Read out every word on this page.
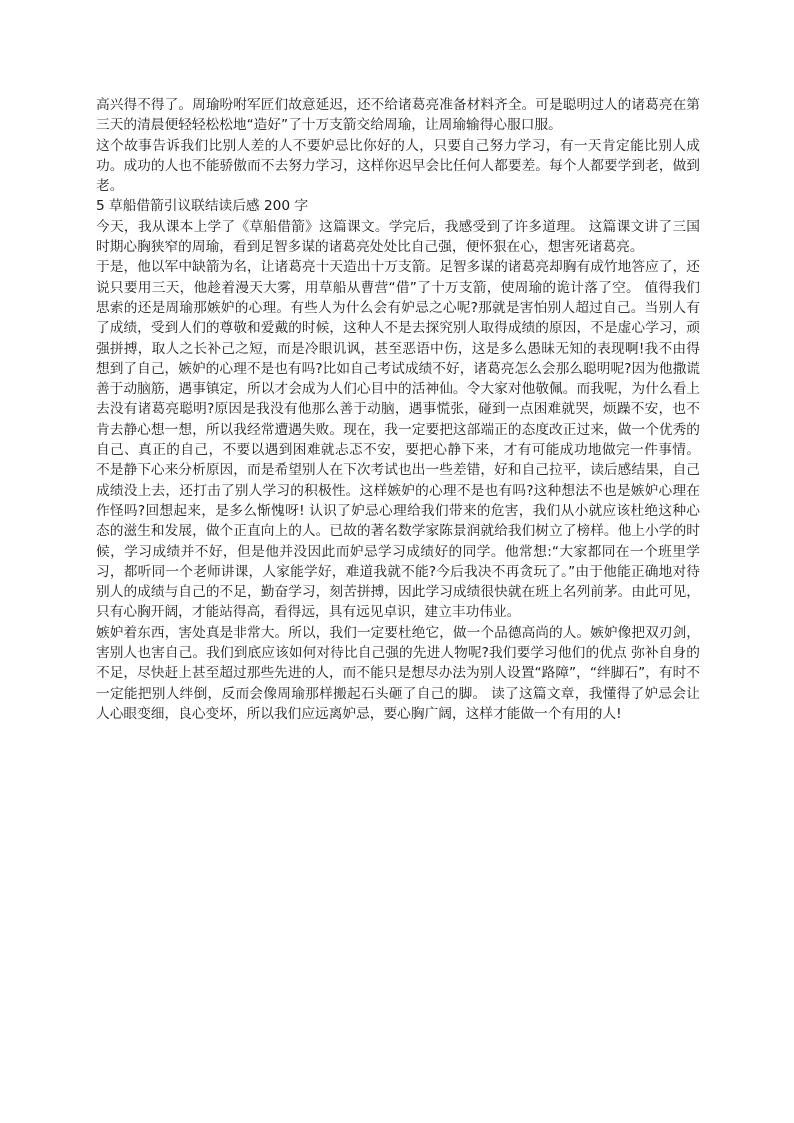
高兴得不得了。周瑜吩咐军匠们故意延迟，还不给诸葛亮准备材料齐全。可是聪明过人的诸葛亮在第三天的清晨便轻轻松松地“造好”了十万支箭交给周瑜，让周瑜输得心服口服。

这个故事告诉我们比别人差的人不要妒忌比你好的人，只要自己努力学习，有一天肯定能比别人成功。成功的人也不能骄傲而不去努力学习，这样你迟早会比任何人都要差。每个人都要学到老，做到老。

5 草船借箭引议联结读后感 200 字

今天，我从课本上学了《草船借箭》这篇课文。学完后，我感受到了许多道理。 这篇课文讲了三国时期心胸狭窄的周瑜，看到足智多谋的诸葛亮处处比自己强，便怀狠在心，想害死诸葛亮。

于是，他以军中缺箭为名，让诸葛亮十天造出十万支箭。足智多谋的诸葛亮却胸有成竹地答应了，还说只要用三天，他趁着漫天大雾，用草船从曹营“借”了十万支箭，使周瑜的诡计落了空。 值得我们思索的还是周瑜那嫉妒的心理。有些人为什么会有妒忌之心呢?那就是害怕别人超过自己。当别人有了成绩，受到人们的尊敬和爱戴的时候，这种人不是去探究别人取得成绩的原因，不是虚心学习，顽强拼搏，取人之长补己之短，而是冷眼讥讽，甚至恶语中伤，这是多么愚昧无知的表现啊!我不由得想到了自己，嫉妒的心理不是也有吗?比如自己考试成绩不好，诸葛亮怎么会那么聪明呢?因为他撒谎善于动脑筋，遇事镇定，所以才会成为人们心目中的活神仙。令大家对他敬佩。而我呢，为什么看上去没有诸葛亮聪明?原因是我没有他那么善于动脑，遇事慌张，碰到一点困难就哭，烦躁不安，也不肯去静心想一想，所以我经常遭遇失败。现在，我一定要把这部端正的态度改正过来，做一个优秀的自己、真正的自己，不要以遇到困难就忐忑不安，要把心静下来，才有可能成功地做完一件事情。 不是静下心来分析原因，而是希望别人在下次考试也出一些差错，好和自己拉平，读后感结果，自己成绩没上去，还打击了别人学习的积极性。这样嫉妒的心理不是也有吗?这种想法不也是嫉妒心理在作怪吗?回想起来，是多么惭愧呀! 认识了妒忌心理给我们带来的危害，我们从小就应该杜绝这种心态的滋生和发展，做个正直向上的人。已故的著名数学家陈景润就给我们树立了榜样。他上小学的时候，学习成绩并不好，但是他并没因此而妒忌学习成绩好的同学。他常想:“大家都同在一个班里学习，都听同一个老师讲课，人家能学好，难道我就不能?今后我决不再贪玩了。”由于他能正确地对待别人的成绩与自己的不足，勤奋学习，刻苦拼搏，因此学习成绩很快就在班上名列前茅。由此可见，只有心胸开阔，才能站得高，看得远，具有远见卓识，建立丰功伟业。

嫉妒着东西，害处真是非常大。所以，我们一定要杜绝它，做一个品德高尚的人。嫉妒像把双刃剑，害别人也害自己。我们到底应该如何对待比自己强的先进人物呢?我们要学习他们的优点 弥补自身的不足，尽快赶上甚至超过那些先进的人，而不能只是想尽办法为别人设置“路障”，“绊脚石”，有时不一定能把别人绊倒，反而会像周瑜那样搬起石头砸了自己的脚。 读了这篇文章，我懂得了妒忌会让人心眼变细，良心变坏，所以我们应远离妒忌，要心胸广阔，这样才能做一个有用的人!
